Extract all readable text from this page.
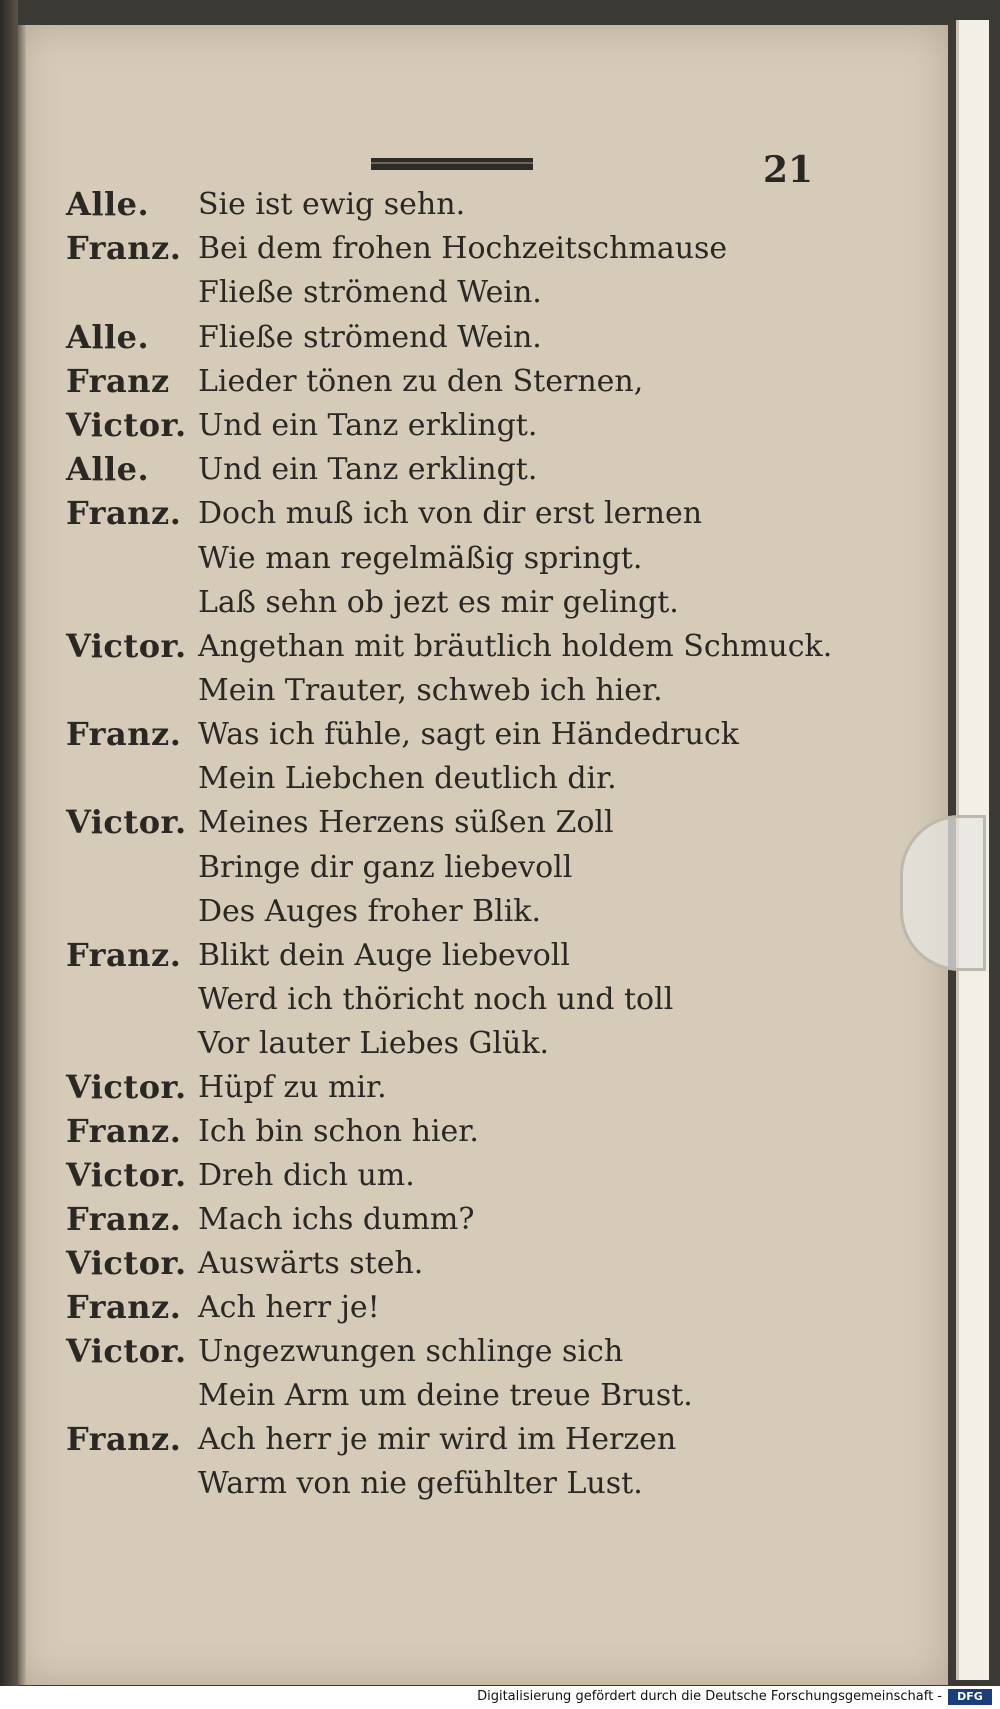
21
Alle. Sie ist ewig sehn.
Franz. Bei dem frohen Hochzeitschmause
Fließe strömend Wein.
Alle. Fließe strömend Wein.
Franz Lieder tönen zu den Sternen,
Victor. Und ein Tanz erklingt.
Alle. Und ein Tanz erklingt.
Franz. Doch muß ich von dir erst lernen
Wie man regelmäßig springt.
Laß sehn ob jezt es mir gelingt.
Victor. Angethan mit bräutlich holdem Schmuck.
Mein Trauter, schweb ich hier.
Franz. Was ich fühle, sagt ein Händedruck
Mein Liebchen deutlich dir.
Victor. Meines Herzens süßen Zoll
Bringe dir ganz liebevoll
Des Auges froher Blik.
Franz. Blikt dein Auge liebevoll
Werd ich thöricht noch und toll
Vor lauter Liebes Glük.
Victor. Hüpf zu mir.
Franz. Ich bin schon hier.
Victor. Dreh dich um.
Franz. Mach ichs dumm?
Victor. Auswärts steh.
Franz. Ach herr je!
Victor. Ungezwungen schlinge sich
Mein Arm um deine treue Brust.
Franz. Ach herr je mir wird im Herzen
Warm von nie gefühlter Lust.
Digitalisierung gefördert durch die Deutsche Forschungsgemeinschaft -	DFG
